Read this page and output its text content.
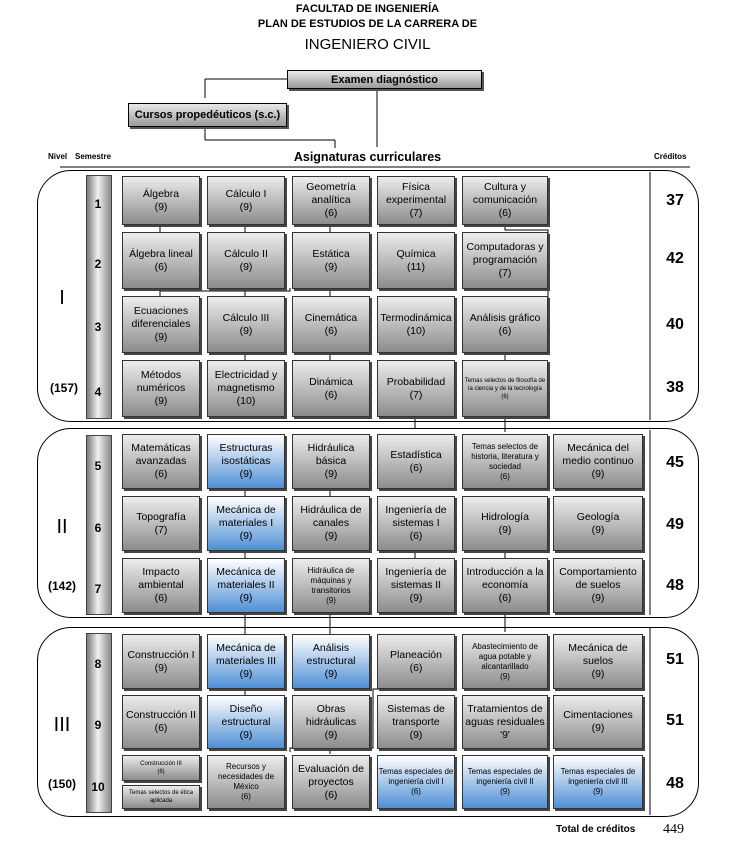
FACULTAD DE INGENIERÍA
PLAN DE ESTUDIOS DE LA CARRERA DE
INGENIERO CIVIL
Examen diagnóstico
Cursos propedéuticos (s.c.)
Asignaturas curriculares
Nivel Semestre	Créditos
I
(157)
II
(142)
III
(150)
1
2
3
4
5
6
7
8
9
10
37
42
40
38
45
49
48
51
51
48
Álgebra
(9)
Cálculo I
(9)
Geometría analítica
(6)
Física experimental
(7)
Cultura y comunicación
(6)
Álgebra lineal
(6)
Cálculo II
(9)
Estática
(9)
Química
(11)
Computadoras y programación
(7)
Ecuaciones diferenciales
(9)
Cálculo III
(9)
Cinemática
(6)
Termodinámica
(10)
Análisis gráfico
(6)
Métodos numéricos
(9)
Electricidad y magnetismo
(10)
Dinámica
(6)
Probabilidad
(7)
Temas selectos de filosofía de la ciencia y de la tecnología
(6)
Matemáticas avanzadas
(6)
Estructuras isostáticas
(9)
Hidráulica básica
(9)
Estadística
(6)
Temas selectos de historia, literatura y sociedad
(6)
Mecánica del medio continuo
(9)
Topografía
(7)
Mecánica de materiales I
(9)
Hidráulica de canales
(9)
Ingeniería de sistemas I
(6)
Hidrología
(9)
Geología
(9)
Impacto ambiental
(6)
Mecánica de materiales II
(9)
Hidráulica de máquinas y transitorios
(9)
Ingeniería de sistemas II
(9)
Introducción a la economía
(6)
Comportamiento de suelos
(9)
Construcción I
(9)
Mecánica de materiales III
(9)
Análisis estructural
(9)
Planeación
(6)
Abastecimiento de agua potable y alcantarillado
(9)
Mecánica de suelos
(9)
Construcción II
(6)
Diseño estructural
(9)
Obras hidráulicas
(9)
Sistemas de transporte
(9)
Tratamientos de aguas residuales
'9'
Cimentaciones
(9)
Construcción III
(6)
Temas selectos de ética aplicada
Recursos y necesidades de México
(6)
Evaluación de proyectos
(6)
Temas especiales de ingeniería civil I
(6)
Temas especiales de ingeniería civil II
(9)
Temas especiales de ingeniería civil III
(9)
Total de créditos 449
